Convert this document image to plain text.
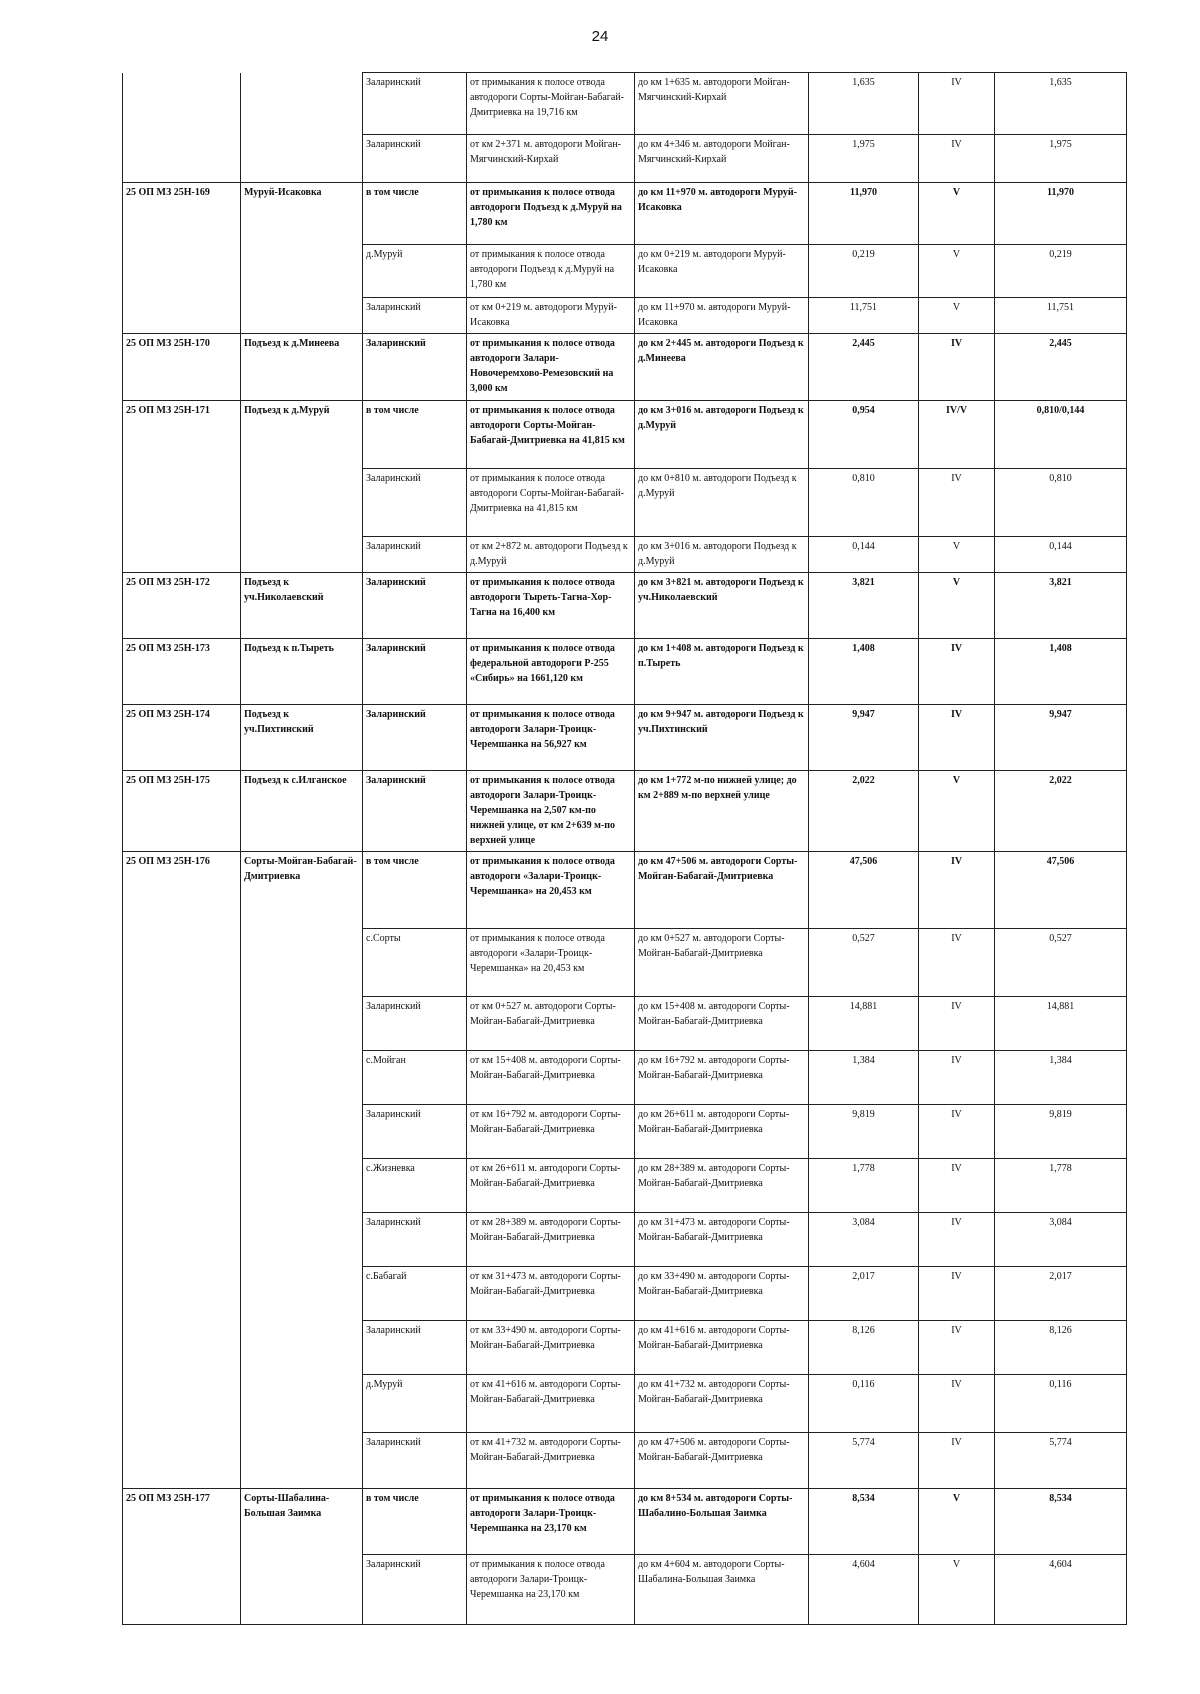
24
		Заларинский	от примыкания к полосе отвода автодороги Сорты-Мойган-Бабагай-Дмитриевка на 19,716 км	до км 1+635 м. автодороги Мойган-Мягчинский-Кирхай	1,635	IV	1,635
		Заларинский	от км 2+371 м. автодороги Мойган-Мягчинский-Кирхай	до км 4+346 м. автодороги Мойган-Мягчинский-Кирхай	1,975	IV	1,975
25 ОП МЗ 25Н-169	Муруй-Исаковка	в том числе	от примыкания к полосе отвода автодороги Подъезд к д.Муруй на 1,780 км	до км 11+970 м. автодороги Муруй-Исаковка	11,970	V	11,970
		д.Муруй	от примыкания к полосе отвода автодороги Подъезд к д.Муруй на 1,780 км	до км 0+219 м. автодороги Муруй-Исаковка	0,219	V	0,219
		Заларинский	от км 0+219 м. автодороги Муруй-Исаковка	до км 11+970 м. автодороги Муруй-Исаковка	11,751	V	11,751
25 ОП МЗ 25Н-170	Подъезд к д.Минеева	Заларинский	от примыкания к полосе отвода автодороги Залари-Новочеремхово-Ремезовский на 3,000 км	до км 2+445 м. автодороги Подъезд к д.Минеева	2,445	IV	2,445
25 ОП МЗ 25Н-171	Подъезд к д.Муруй	в том числе	от примыкания к полосе отвода автодороги Сорты-Мойган-Бабагай-Дмитриевка на 41,815 км	до км 3+016 м. автодороги Подъезд к д.Муруй	0,954	IV/V	0,810/0,144
		Заларинский	от примыкания к полосе отвода автодороги Сорты-Мойган-Бабагай-Дмитриевка на 41,815 км	до км 0+810 м. автодороги Подъезд к д.Муруй	0,810	IV	0,810
		Заларинский	от км 2+872 м. автодороги Подъезд к д.Муруй	до км 3+016 м. автодороги Подъезд к д.Муруй	0,144	V	0,144
25 ОП МЗ 25Н-172	Подъезд к уч.Николаевский	Заларинский	от примыкания к полосе отвода автодороги Тыреть-Тагна-Хор-Тагна на 16,400 км	до км 3+821 м. автодороги Подъезд к уч.Николаевский	3,821	V	3,821
25 ОП МЗ 25Н-173	Подъезд к п.Тыреть	Заларинский	от примыкания к полосе отвода федеральной автодороги Р-255 «Сибирь» на 1661,120 км	до км 1+408 м. автодороги Подъезд к п.Тыреть	1,408	IV	1,408
25 ОП МЗ 25Н-174	Подъезд к уч.Пихтинский	Заларинский	от примыкания к полосе отвода автодороги Залари-Троицк-Черемшанка на 56,927 км	до км 9+947 м. автодороги Подъезд к уч.Пихтинский	9,947	IV	9,947
25 ОП МЗ 25Н-175	Подъезд к с.Илганское	Заларинский	от примыкания к полосе отвода автодороги Залари-Троицк-Черемшанка на 2,507 км-по нижней улице, от км 2+639 м-по верхней улице	до км 1+772 м-по нижней улице; до км 2+889 м-по верхней улице	2,022	V	2,022
25 ОП МЗ 25Н-176	Сорты-Мойган-Бабагай-Дмитриевка	в том числе	от примыкания к полосе отвода автодороги «Залари-Троицк-Черемшанка» на 20,453 км	до км 47+506 м. автодороги Сорты-Мойган-Бабагай-Дмитриевка	47,506	IV	47,506
		с.Сорты	от примыкания к полосе отвода автодороги «Залари-Троицк-Черемшанка» на 20,453 км	до км 0+527 м. автодороги Сорты-Мойган-Бабагай-Дмитриевка	0,527	IV	0,527
		Заларинский	от км 0+527 м. автодороги Сорты-Мойган-Бабагай-Дмитриевка	до км 15+408 м. автодороги Сорты-Мойган-Бабагай-Дмитриевка	14,881	IV	14,881
		с.Мойган	от км 15+408 м. автодороги Сорты-Мойган-Бабагай-Дмитриевка	до км 16+792 м. автодороги Сорты-Мойган-Бабагай-Дмитриевка	1,384	IV	1,384
		Заларинский	от км 16+792 м. автодороги Сорты-Мойган-Бабагай-Дмитриевка	до км 26+611 м. автодороги Сорты-Мойган-Бабагай-Дмитриевка	9,819	IV	9,819
		с.Жизневка	от км 26+611 м. автодороги Сорты-Мойган-Бабагай-Дмитриевка	до км 28+389 м. автодороги Сорты-Мойган-Бабагай-Дмитриевка	1,778	IV	1,778
		Заларинский	от км 28+389 м. автодороги Сорты-Мойган-Бабагай-Дмитриевка	до км 31+473 м. автодороги Сорты-Мойган-Бабагай-Дмитриевка	3,084	IV	3,084
		с.Бабагай	от км 31+473 м. автодороги Сорты-Мойган-Бабагай-Дмитриевка	до км 33+490 м. автодороги Сорты-Мойган-Бабагай-Дмитриевка	2,017	IV	2,017
		Заларинский	от км 33+490 м. автодороги Сорты-Мойган-Бабагай-Дмитриевка	до км 41+616 м. автодороги Сорты-Мойган-Бабагай-Дмитриевка	8,126	IV	8,126
		д.Муруй	от км 41+616 м. автодороги Сорты-Мойган-Бабагай-Дмитриевка	до км 41+732 м. автодороги Сорты-Мойган-Бабагай-Дмитриевка	0,116	IV	0,116
		Заларинский	от км 41+732 м. автодороги Сорты-Мойган-Бабагай-Дмитриевка	до км 47+506 м. автодороги Сорты-Мойган-Бабагай-Дмитриевка	5,774	IV	5,774
25 ОП МЗ 25Н-177	Сорты-Шабалина-Большая Заимка	в том числе	от примыкания к полосе отвода автодороги Залари-Троицк-Черемшанка на 23,170 км	до км 8+534 м. автодороги Сорты-Шабалино-Большая Заимка	8,534	V	8,534
		Заларинский	от примыкания к полосе отвода автодороги Залари-Троицк-Черемшанка на 23,170 км	до км 4+604 м. автодороги Сорты-Шабалина-Большая Заимка	4,604	V	4,604
